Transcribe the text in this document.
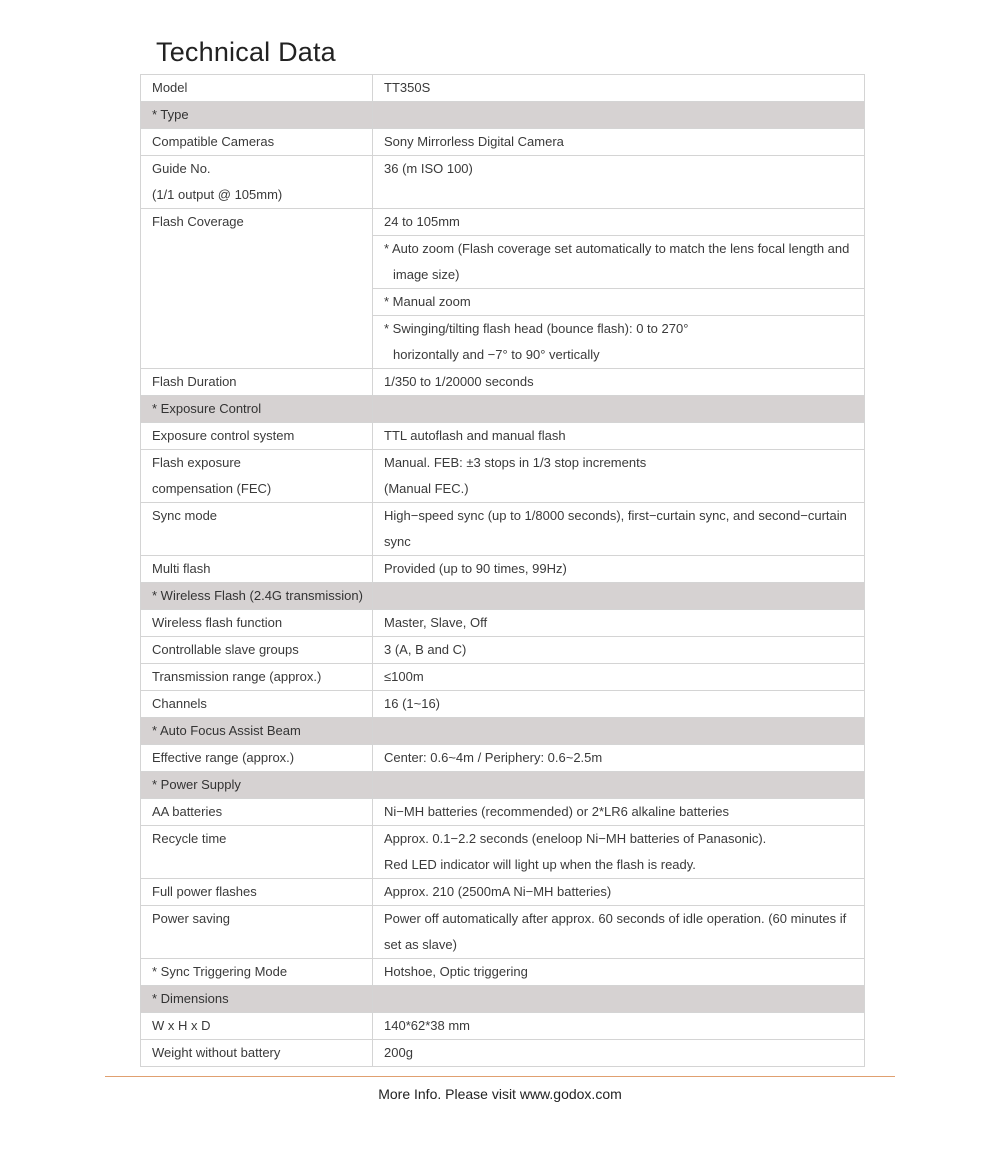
Technical Data
Model	TT350S

* Type	

Compatible Cameras	Sony Mirrorless Digital Camera

Guide No.
(1/1 output @ 105mm)	36 (m ISO 100)

Flash Coverage	24 to 105mm

	* Auto zoom (Flash coverage set automatically to match the lens focal length and
image size)

	* Manual zoom

	* Swinging/tilting flash head (bounce flash): 0 to 270°
horizontally and −7° to 90° vertically

Flash Duration	1/350 to 1/20000 seconds

* Exposure Control	

Exposure control system	TTL autoflash and manual flash

Flash exposure
compensation (FEC)	Manual. FEB: ±3 stops in 1/3 stop increments
(Manual FEC.)

Sync mode	High−speed sync (up to 1/8000 seconds), first−curtain sync, and second−curtain
sync

Multi flash	Provided (up to 90 times, 99Hz)

* Wireless Flash (2.4G transmission)	

Wireless flash function	Master, Slave, Off

Controllable slave groups	3 (A, B and C)

Transmission range (approx.)	≤100m

Channels	16 (1~16)

* Auto Focus Assist Beam	

Effective range (approx.)	Center: 0.6~4m / Periphery: 0.6~2.5m

* Power Supply	

AA batteries	Ni−MH batteries (recommended) or 2*LR6 alkaline batteries

Recycle time	Approx. 0.1−2.2 seconds (eneloop Ni−MH batteries of Panasonic).
Red LED indicator will light up when the flash is ready.

Full power flashes	Approx. 210 (2500mA Ni−MH batteries)

Power saving	Power off automatically after approx. 60 seconds of idle operation. (60 minutes if
set as slave)

* Sync Triggering Mode	Hotshoe, Optic triggering

* Dimensions	

W x H x D	140*62*38 mm

Weight without battery	200g
More Info. Please visit www.godox.com
